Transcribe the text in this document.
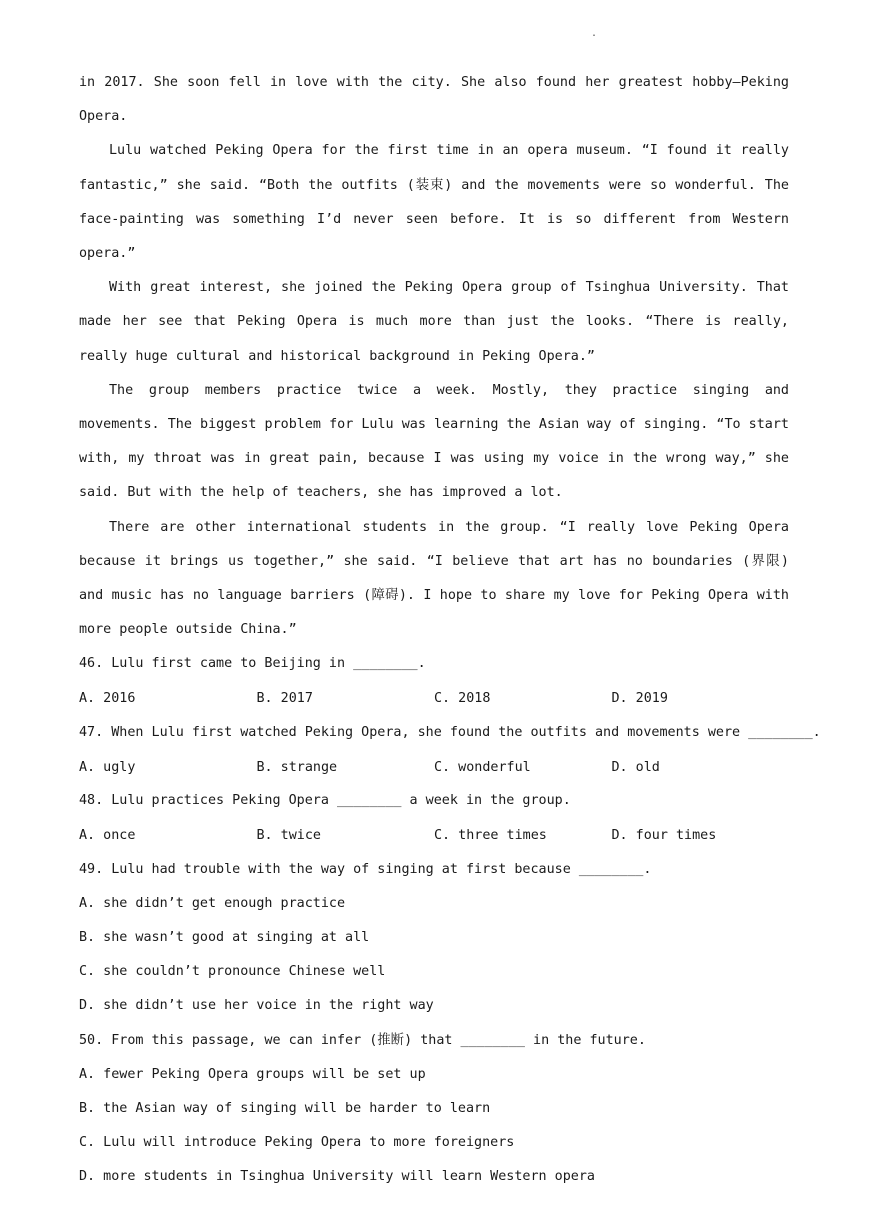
.

in 2017. She soon fell in love with the city. She also found her greatest hobby—Peking Opera.

Lulu watched Peking Opera for the first time in an opera museum. “I found it really fantastic,” she said. “Both the outfits (装束) and the movements were so wonderful. The face-painting was something I’d never seen before. It is so different from Western opera.”

With great interest, she joined the Peking Opera group of Tsinghua University. That made her see that Peking Opera is much more than just the looks. “There is really, really huge cultural and historical background in Peking Opera.”

The group members practice twice a week. Mostly, they practice singing and movements. The biggest problem for Lulu was learning the Asian way of singing. “To start with, my throat was in great pain, because I was using my voice in the wrong way,” she said. But with the help of teachers, she has improved a lot.

There are other international students in the group. “I really love Peking Opera because it brings us together,” she said. “I believe that art has no boundaries (界限) and music has no language barriers (障碍). I hope to share my love for Peking Opera with more people outside China.”

46. Lulu first came to Beijing in ________.

A. 2016	B. 2017	C. 2018	D. 2019

47. When Lulu first watched Peking Opera, she found the outfits and movements were ________.

A. ugly	B. strange	C. wonderful	D. old

48. Lulu practices Peking Opera ________ a week in the group.

A. once	B. twice	C. three times	D. four times

49. Lulu had trouble with the way of singing at first because ________.

A. she didn’t get enough practice

B. she wasn’t good at singing at all

C. she couldn’t pronounce Chinese well

D. she didn’t use her voice in the right way

50. From this passage, we can infer (推断) that ________ in the future.

A. fewer Peking Opera groups will be set up

B. the Asian way of singing will be harder to learn

C. Lulu will introduce Peking Opera to more foreigners

D. more students in Tsinghua University will learn Western opera
